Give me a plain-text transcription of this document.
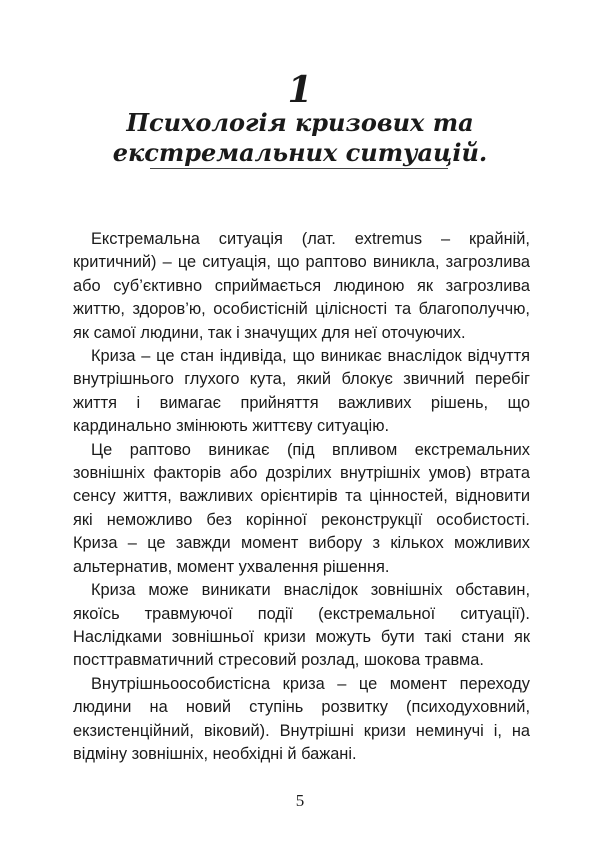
1
Психологія кризових та
екстремальних ситуацій.

Екстремальна ситуація (лат. extremus – крайній, критичний) – це ситуація, що раптово виникла, загрозлива або суб’єктивно сприймається людиною як загрозлива життю, здоров’ю, особистісній цілісності та благополуччю, як самої людини, так і значущих для неї оточуючих.

Криза – це стан індивіда, що виникає внаслідок відчуття внутрішнього глухого кута, який блокує звичний перебіг життя і вимагає прийняття важливих рішень, що кардинально змінюють життєву ситуацію.

Це раптово виникає (під впливом екстремальних зовнішніх факторів або дозрілих внутрішніх умов) втрата сенсу життя, важливих орієнтирів та цінностей, відновити які неможливо без корінної реконструкції особистості. Криза – це завжди момент вибору з кількох можливих альтернатив, момент ухвалення рішення.

Криза може виникати внаслідок зовнішніх обставин, якоїсь травмуючої події (екстремальної ситуації). Наслідками зовнішньої кризи можуть бути такі стани як посттравматичний стресовий розлад, шокова травма.

Внутрішньоособистісна криза – це момент переходу людини на новий ступінь розвитку (психодуховний, екзистенційний, віковий). Внутрішні кризи неминучі і, на відміну зовнішніх, необхідні й бажані.

5
